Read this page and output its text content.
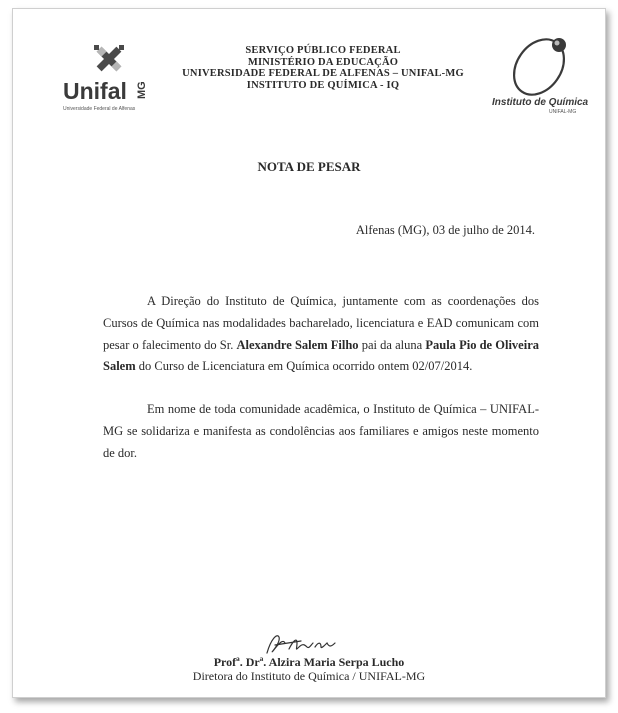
Unifal MG
Universidade Federal de Alfenas
SERVIÇO PÚBLICO FEDERAL
MINISTÉRIO DA EDUCAÇÃO
UNIVERSIDADE FEDERAL DE ALFENAS – UNIFAL-MG
INSTITUTO DE QUÍMICA - IQ
Instituto de Química
UNIFAL-MG
NOTA DE PESAR
Alfenas (MG), 03 de julho de 2014.
A Direção do Instituto de Química, juntamente com as coordenações dos Cursos de Química nas modalidades bacharelado, licenciatura e EAD comunicam com pesar o falecimento do Sr. Alexandre Salem Filho pai da aluna Paula Pio de Oliveira Salem do Curso de Licenciatura em Química ocorrido ontem 02/07/2014.
Em nome de toda comunidade acadêmica, o Instituto de Química – UNIFAL-MG se solidariza e manifesta as condolências aos familiares e amigos neste momento de dor.
Profª. Drª. Alzira Maria Serpa Lucho
Diretora do Instituto de Química / UNIFAL-MG
